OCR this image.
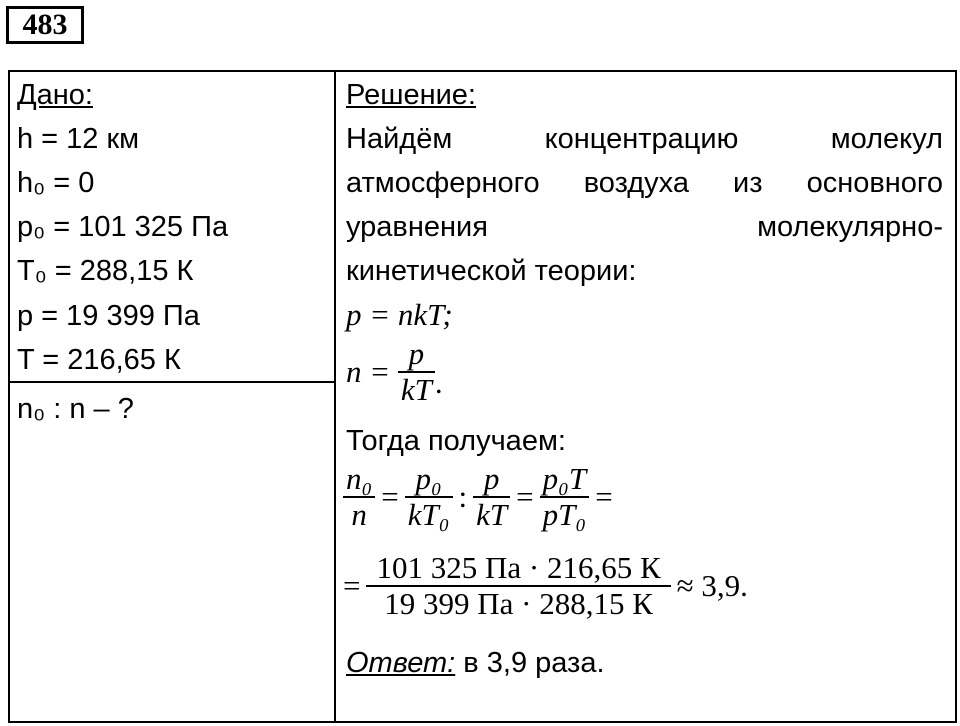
483
Дано:
h = 12 км
h₀ = 0
p₀ = 101 325 Па
T₀ = 288,15 К
p = 19 399 Па
T = 216,65 К
n₀ : n – ?
Решение:
Найдём	концентрацию	молекул
атмосферного воздуха из основного
уравнения	молекулярно-
кинетической теории:
p = nkT;
$n = \frac{p}{kT}$ .
Тогда получаем:
$\frac{\text{n₀}}{n} = \frac{\text{p₀}}{\text{kT₀}}$ : $\frac{p}{kT} = \frac{\text{p₀T}}{\text{pT₀}}$ =
= $\frac{101 325 Па \cdot 216,65 К}{19 399 Па \cdot 288,15 К} \approx 3,9$.
Ответ: в 3,9 раза.
